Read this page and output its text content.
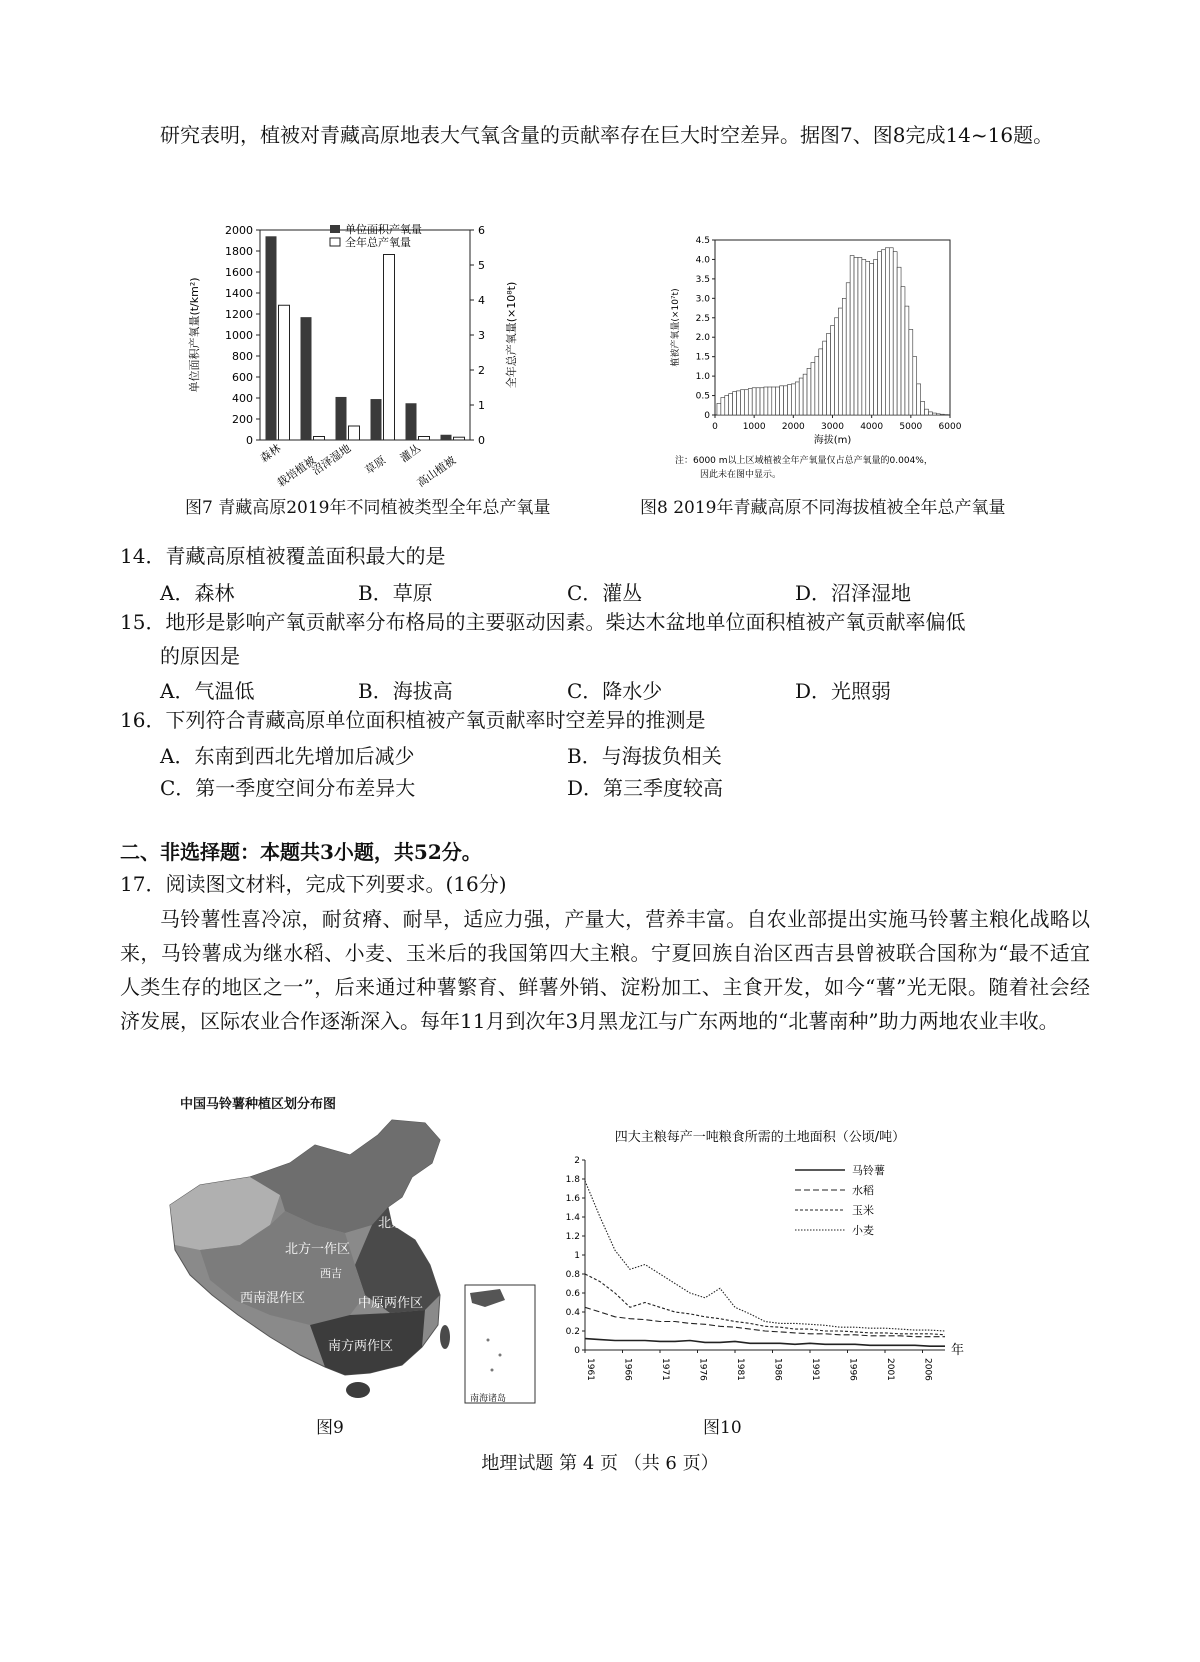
研究表明，植被对青藏高原地表大气氧含量的贡献率存在巨大时空差异。据图7、图8完成14~16题。
0
200
400
600
800
1000
1200
1400
1600
1800
2000
0
1
2
3
4
5
6
单位面积产氧量(t/km²)	全年总产氧量(×10⁸t)
森林
栽培植被
沼泽湿地 草原
灌丛
高山植被
单位面积产氧量
全年总产氧量
图7 青藏高原2019年不同植被类型全年总产氧量
0
0.5
1.0
1.5
2.0
2.5
3.0
3.5
4.0
4.5
0	1000 2000 3000 4000 5000 6000
植被产氧量(×10⁷t)
海拔(m)
注：6000 m以上区域植被全年产氧量仅占总产氧量的0.004%，
因此未在图中显示。
图8 2019年青藏高原不同海拔植被全年总产氧量
14．青藏高原植被覆盖面积最大的是
A．森林	B．草原	C．灌丛	D．沼泽湿地
15．地形是影响产氧贡献率分布格局的主要驱动因素。柴达木盆地单位面积植被产氧贡献率偏低
的原因是
A．气温低	B．海拔高	C．降水少	D．光照弱
16．下列符合青藏高原单位面积植被产氧贡献率时空差异的推测是
A．东南到西北先增加后减少	B．与海拔负相关
C．第一季度空间分布差异大	D．第三季度较高
二、非选择题：本题共3小题，共52分。
17．阅读图文材料，完成下列要求。(16分)
马铃薯性喜冷凉，耐贫瘠、耐旱，适应力强，产量大，营养丰富。自农业部提出实施马铃薯主粮化战略以来，马铃薯成为继水稻、小麦、玉米后的我国第四大主粮。宁夏回族自治区西吉县曾被联合国称为“最不适宜人类生存的地区之一”，后来通过种薯繁育、鲜薯外销、淀粉加工、主食开发，如今“薯”光无限。随着社会经济发展，区际农业合作逐渐深入。每年11月到次年3月黑龙江与广东两地的“北薯南种”助力两地农业丰收。
中国马铃薯种植区划分布图
北京
北方一作区
西吉
西南混作区	中原两作区
南方两作区
南海诸岛
图9
四大主粮每产一吨粮食所需的土地面积（公顷/吨）
0
0.2
0.4
0.6
0.8
1
1.2
1.4
1.6
1.8
2
1961	1966	1971	1976	1981	1986	1991	1996	2001	2006
年
马铃薯
水稻
玉米
小麦
图10
地理试题 第 4 页 （共 6 页）
